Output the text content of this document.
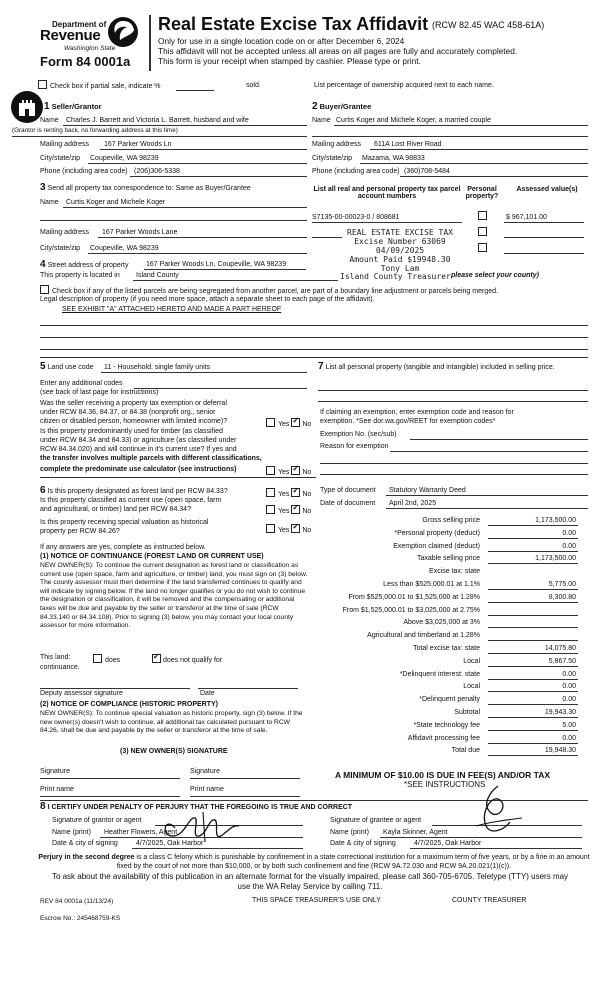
Department of
Revenue
Washington State
Form 84 0001a
Real Estate Excise Tax Affidavit (RCW 82.45 WAC 458-61A)
Only for use in a single location code on or after December 6, 2024
This affidavit will not be accepted unless all areas on all pages are fully and accurately completed.
This form is your receipt when stamped by cashier. Please type or print.
Check box if partial sale, indicate %	sold.	List percentage of ownership acquired next to each name.
1 Seller/Grantor
Name Charles J. Barrett and Victoria L. Barrett, husband and wife
(Grantor is renting back, no forwarding address at this time)
Mailing address 167 Parker Woods Ln
City/state/zip Coupeville, WA 98239
Phone (including area code) (206)306-5338
2 Buyer/Grantee
Name Curtis Koger and Michele Koger, a married couple
Mailing address 611A Lost River Road
City/state/zip Mazama, WA 98833
Phone (including area code) (360)708-5484
3 Send all property tax correspondence to: Same as Buyer/Grantee
Name Curtis Koger and Michele Koger
Mailing address 167 Parker Woods Lane
City/state/zip Coupeville, WA 98239
List all real and personal property tax parcel account numbers
Personal property?
Assessed value(s)
S7135-00-00023-0 / 808681	$ 967,101.00
REAL ESTATE EXCISE TAX
Excise Number 63069
04/09/2025
Amount Paid $19948.30
Tony Lam
4 Street address of property	167 Parker Woods Ln, Coupeville, WA 98239
This property is located in Island County	Island County Treasurer please select your county)
Check box if any of the listed parcels are being segregated from another parcel, are part of a boundary line adjustment or parcels being merged.
Legal description of property (if you need more space, attach a separate sheet to each page of the affidavit).
SEE EXHIBIT "A" ATTACHED HERETO AND MADE A PART HEREOF
5 Land use code 11 - Household, single family units
Enter any additional codes
(see back of last page for instructions)
Was the seller receiving a property tax exemption or deferral
under RCW 84.36, 84.37, or 84.38 (nonprofit org., senior
citizen or disabled person, homeowner with limited income)?	Yes ✓ No
Is this property predominantly used for timber (as classified
under RCW 84.34 and 84.33) or agriculture (as classified under
RCW 84.34.020) and will continue in it's current use? If yes and
the transfer involves multiple parcels with different classifications,
complete the predominate use calculator (see instructions)	Yes ✓ No
7 List all personal property (tangible and intangible) included in selling price.
If claiming an exemption, enter exemption code and reason for
exemption. *See dor.wa.gov/REET for exemption codes*
Exemption No. (sec/sub)
Reason for exemption
6 Is this property designated as forest land per RCW 84.33?	Yes ✓ No
Is this property classified as current use (open space, farm
and agricultural, or timber) land per RCW 84.34?	Yes ✓ No
Is this property receiving special valuation as historical
property per RCW 84.26?	Yes ✓ No
If any answers are yes, complete as instructed below.
(1) NOTICE OF CONTINUANCE (FOREST LAND OR CURRENT USE)
NEW OWNER(S): To continue the current designation as forest land or classification as current use (open space, farm and agriculture, or timber) land, you must sign on (3) below. The county assessor must then determine if the land transferred continues to qualify and will indicate by signing below. If the land no longer qualifies or you do not wish to continue the designation or classification, it will be removed and the compensating or additional taxes will be due and payable by the seller or transferor at the time of sale (RCW 84.33.140 or 84.34.108). Prior to signing (3) below, you may contact your local county assessor for more information.
This land:	does ✓	does not qualify for
continuance.
Deputy assessor signature	Date
(2) NOTICE OF COMPLIANCE (HISTORIC PROPERTY)
NEW OWNER(S): To continue special valuation as historic property, sign (3) below. If the new owner(s) doesn't wish to continue, all additional tax calculated pursuant to RCW 84.26, shall be due and payable by the seller or transferor at the time of sale.
(3) NEW OWNER(S) SIGNATURE
Signature	Signature
Print name	Print name
Type of document Statutory Warranty Deed
Date of document April 2nd, 2025
Gross selling price	1,173,500.00
*Personal property (deduct)	0.00
Exemption claimed (deduct)	0.00
Taxable selling price	1,173,500.00
Excise tax: state
Less than $525,000.01 at 1.1%	5,775.00
From $525,000.01 to $1,525,000 at 1.28%	8,300.80
From $1,525,000.01 to $3,025,000 at 2.75%
Above $3,025,000 at 3%
Agricultural and timberland at 1.28%
Total excise tax: state	14,075.80
Local	5,867.50
*Delinquent interest: state	0.00
Local	0.00
*Delinquent penalty	0.00
Subtotal	19,943.30
*State technology fee	5.00
Affidavit processing fee	0.00
Total due	19,948.30
A MINIMUM OF $10.00 IS DUE IN FEE(S) AND/OR TAX
*SEE INSTRUCTIONS
8 I CERTIFY UNDER PENALTY OF PERJURY THAT THE FOREGOING IS TRUE AND CORRECT
Signature of grantor or agent	Signature of grantee or agent
Name (print) Heather Flowers, Agent	Name (print) Kayla Skinner, Agent
Date & city of signing	4/7/2025, Oak Harbor	Date & city of signing	4/7/2025, Oak Harbor
Perjury in the second degree is a class C felony which is punishable by confinement in a state correctional institution for a maximum term of five years, or by a fine in an amount fixed by the court of not more than $10,000, or by both such confinement and fine (RCW 9A.72.030 and RCW 9A.20.021(1)(c)).
To ask about the availability of this publication in an alternate format for the visually impaired, please call 360-705-6705. Teletype (TTY) users may use the WA Relay Service by calling 711.
REV 84 0001a (11/13/24)	THIS SPACE TREASURER'S USE ONLY	COUNTY TREASURER
Escrow No.: 245468759-KS
